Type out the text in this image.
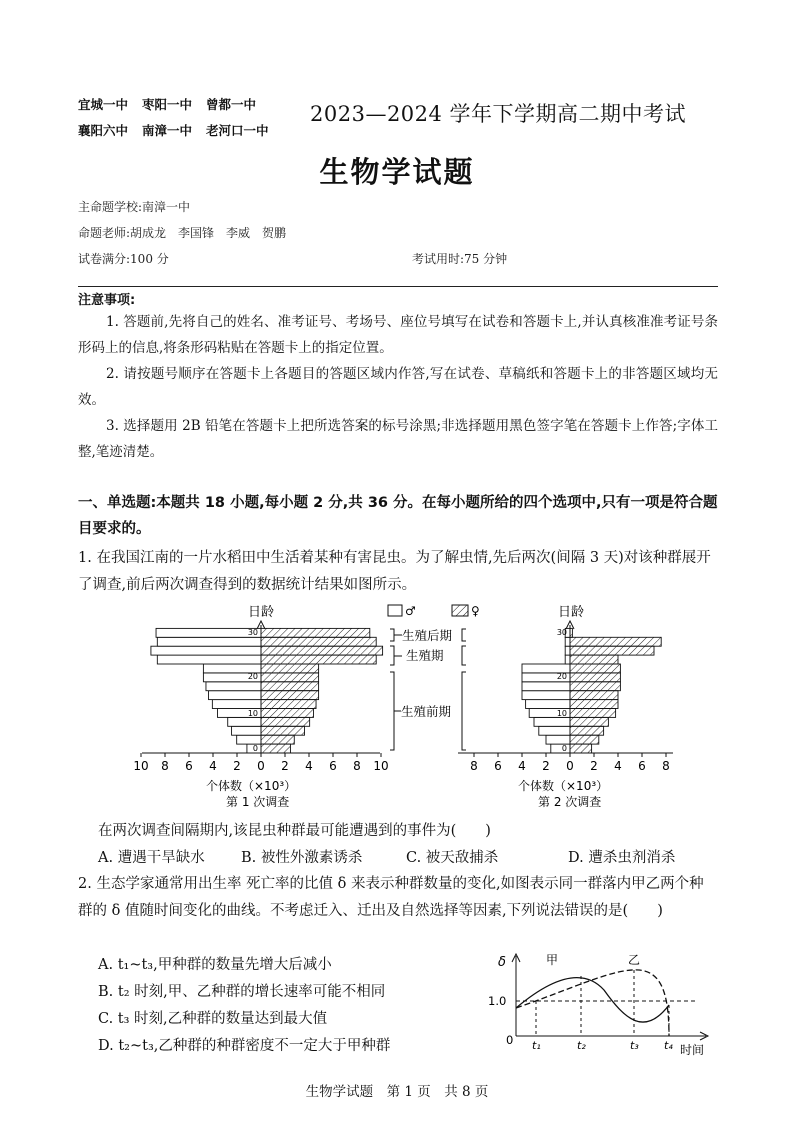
宜城一中 枣阳一中 曾都一中
襄阳六中 南漳一中 老河口一中
2023—2024 学年下学期高二期中考试
生物学试题
主命题学校:南漳一中
命题老师:胡成龙　李国锋　李威　贺鹏
试卷满分:100 分	考试用时:75 分钟
注意事项:
1. 答题前,先将自己的姓名、准考证号、考场号、座位号填写在试卷和答题卡上,并认真核准准考证号条形码上的信息,将条形码粘贴在答题卡上的指定位置。
2. 请按题号顺序在答题卡上各题目的答题区域内作答,写在试卷、草稿纸和答题卡上的非答题区域均无效。
3. 选择题用 2B 铅笔在答题卡上把所选答案的标号涂黑;非选择题用黑色签字笔在答题卡上作答;字体工整,笔迹清楚。
一、单选题:本题共 18 小题,每小题 2 分,共 36 分。在每小题所给的四个选项中,只有一项是符合题目要求的。
1. 在我国江南的一片水稻田中生活着某种有害昆虫。为了解虫情,先后两次(间隔 3 天)对该种群展开了调查,前后两次调查得到的数据统计结果如图所示。
日龄
10 8 6 4 2 0 2 4 6 8 10
30
20
10
0
个体数（×10³）
第 1 次调查
♂	♀
生殖后期
生殖期
生殖前期
日龄
8 6 4 2 0 2 4 6 8
30
20
10
0
个体数（×10³）
第 2 次调查
在两次调查间隔期内,该昆虫种群最可能遭遇到的事件为(　　)
A. 遭遇干旱缺水	B. 被性外激素诱杀	C. 被天敌捕杀	D. 遭杀虫剂消杀
2. 生态学家通常用出生率 死亡率的比值 δ 来表示种群数量的变化,如图表示同一群落内甲乙两个种群的 δ 值随时间变化的曲线。不考虑迁入、迁出及自然选择等因素,下列说法错误的是(　　)
A. t₁~t₃,甲种群的数量先增大后减小
B. t₂ 时刻,甲、乙种群的增长速率可能不相同
C. t₃ 时刻,乙种群的数量达到最大值
D. t₂~t₃,乙种群的种群密度不一定大于甲种群
δ
1.0
0
时间
甲	乙
t₁	t₂	t₃ t₄
生物学试题　第 1 页　共 8 页
